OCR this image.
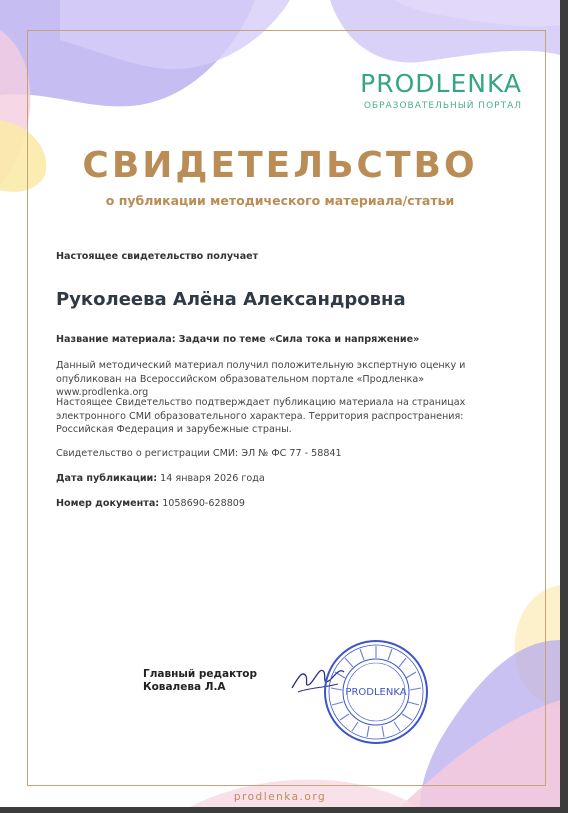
PRODLENKA
ОБРАЗОВАТЕЛЬНЫЙ ПОРТАЛ
СВИДЕТЕЛЬСТВО
о публикации методического материала/статьи
Настоящее свидетельство получает
Руколеева Алёна Александровна
Название материала: Задачи по теме «Сила тока и напряжение»
Данный методический материал получил положительную экспертную оценку и опубликован на Всероссийском образовательном портале «Продленка» www.prodlenka.org
Настоящее Свидетельство подтверждает публикацию материала на страницах электронного СМИ образовательного характера. Территория распространения: Российская Федерация и зарубежные страны.
Свидетельство о регистрации СМИ: ЭЛ № ФС 77 - 58841
Дата публикации: 14 января 2026 года
Номер документа: 1058690-628809
Главный редактор
Ковалева Л.А	PRODLENKA
prodlenka.org
